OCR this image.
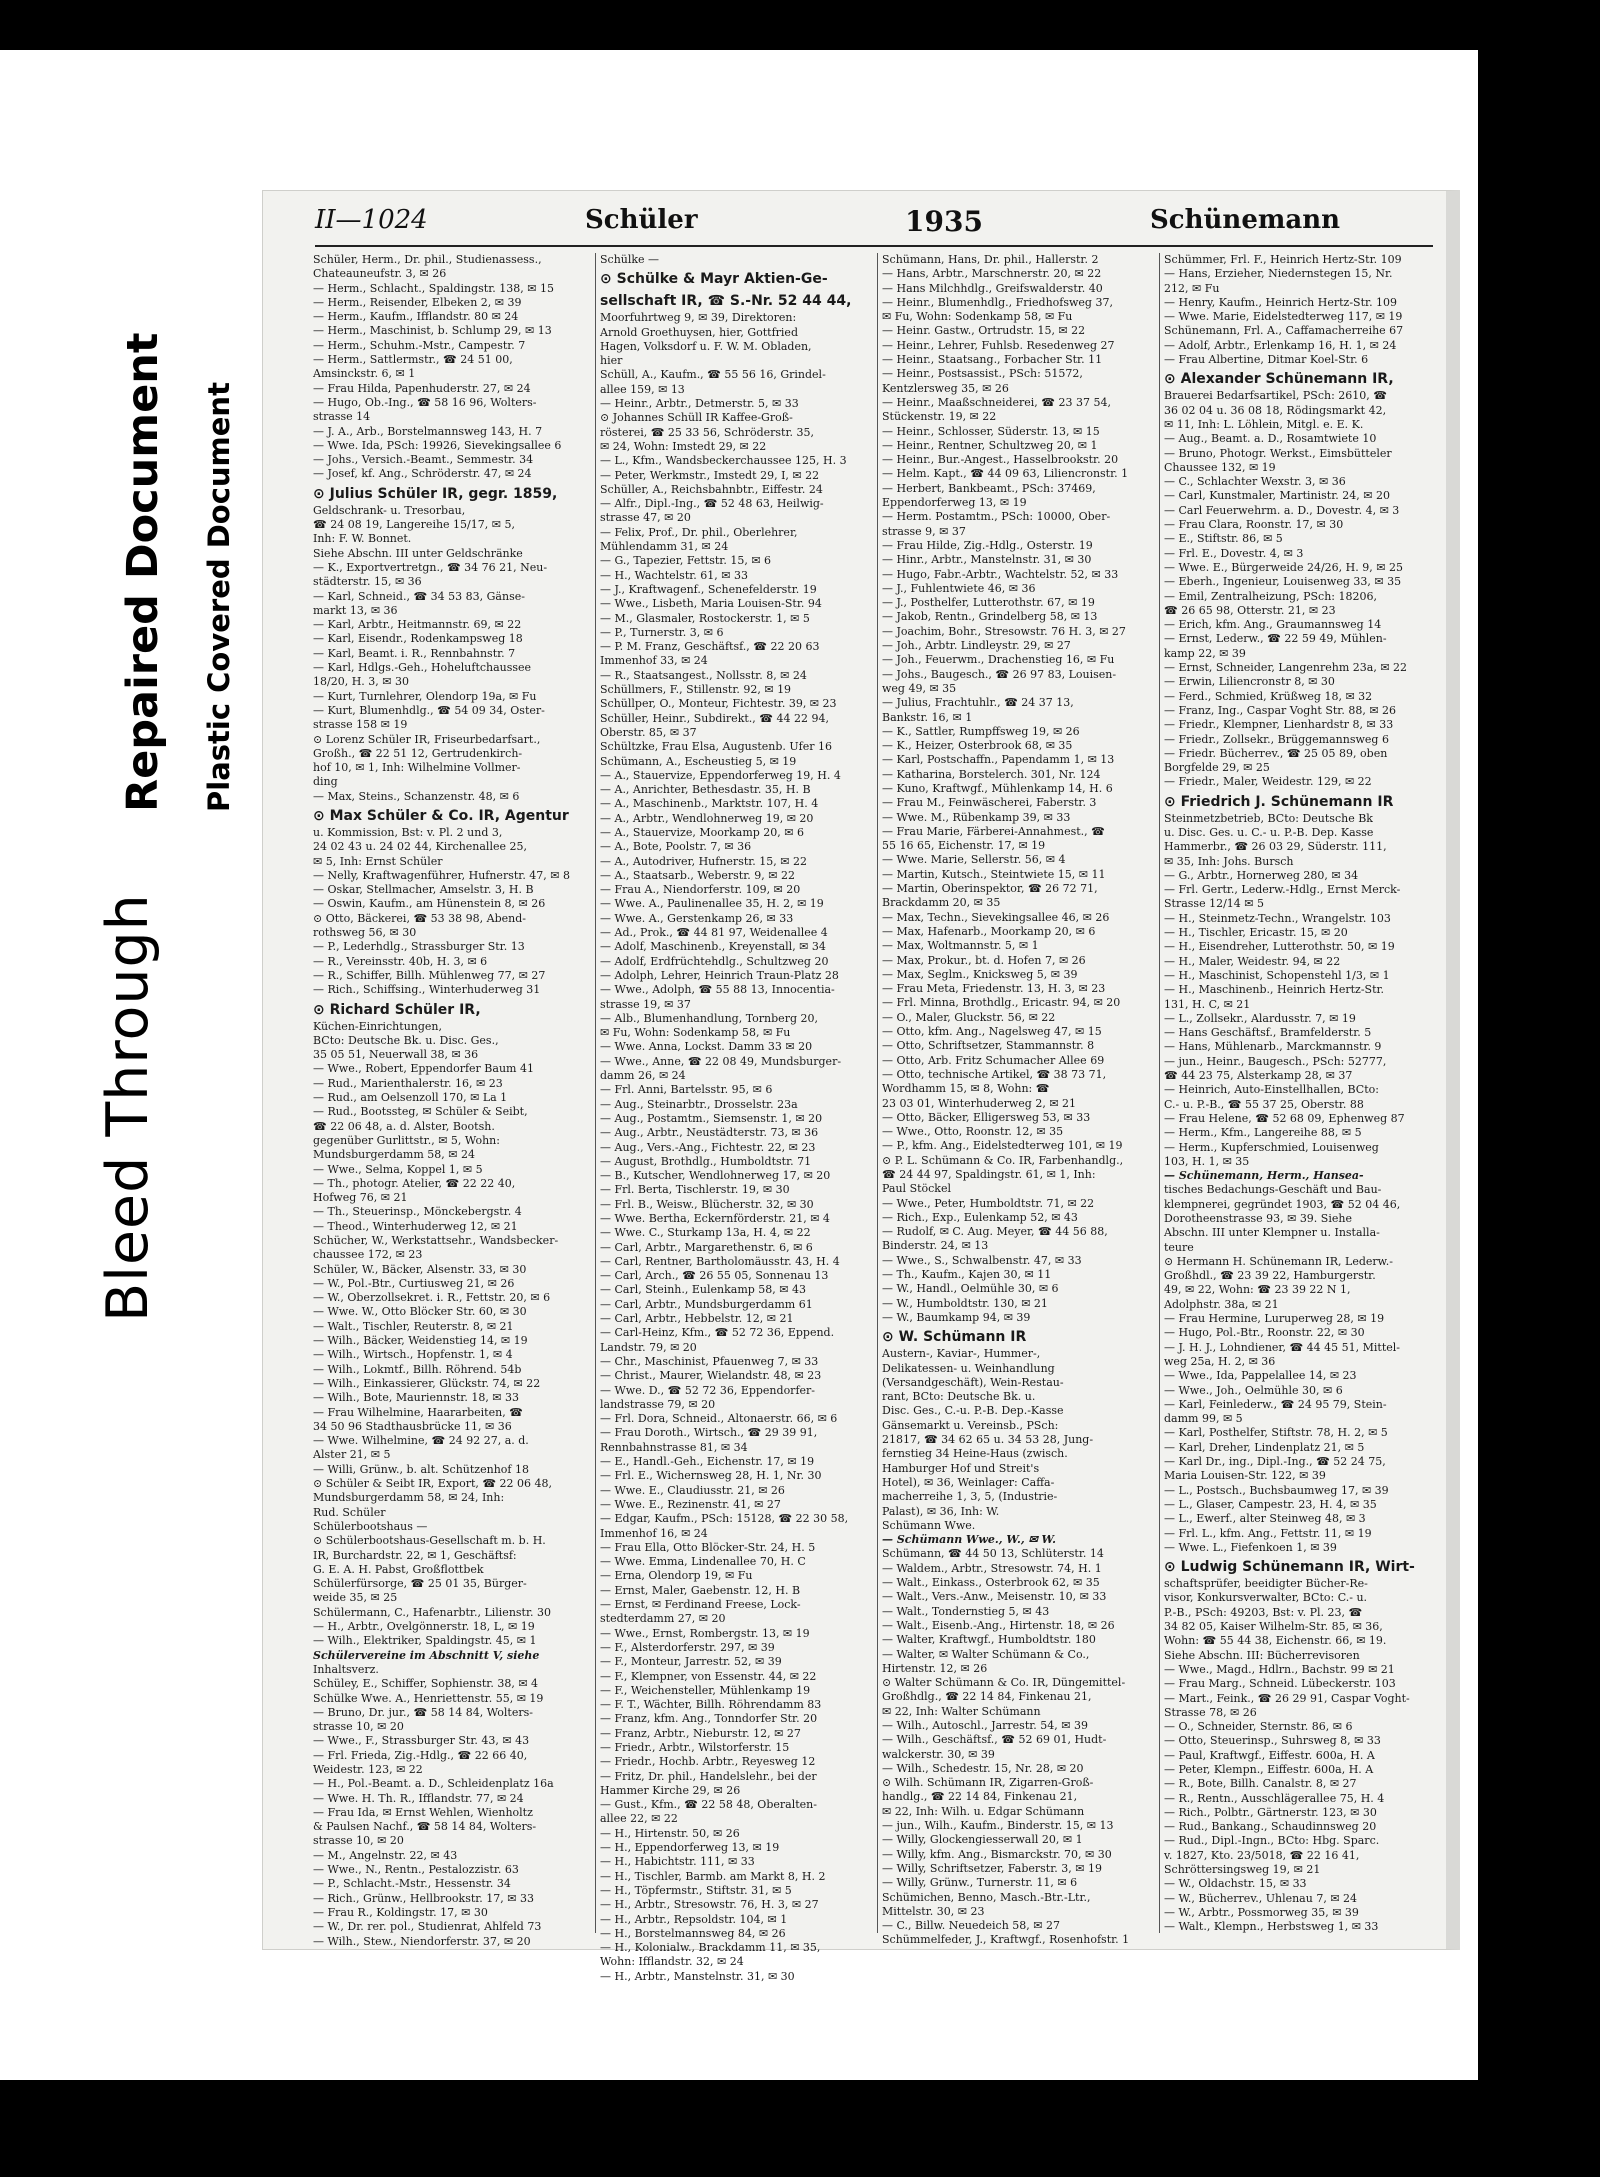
Bleed Through
Repaired Document Plastic Covered Document
II—1024	Schüler	1935	Schünemann
Schüler, Herm., Dr. phil., Studienassess.,
Chateauneufstr. 3, ✉ 26
— Herm., Schlacht., Spaldingstr. 138, ✉ 15
— Herm., Reisender, Elbeken 2, ✉ 39
— Herm., Kaufm., Ifflandstr. 80 ✉ 24
— Herm., Maschinist, b. Schlump 29, ✉ 13
— Herm., Schuhm.-Mstr., Campestr. 7
— Herm., Sattlermstr., ☎ 24 51 00,
Amsinckstr. 6, ✉ 1
— Frau Hilda, Papenhuderstr. 27, ✉ 24
— Hugo, Ob.-Ing., ☎ 58 16 96, Wolters-
strasse 14
— J. A., Arb., Borstelmannsweg 143, H. 7
— Wwe. Ida, PSch: 19926, Sievekingsallee 6
— Johs., Versich.-Beamt., Semmestr. 34
— Josef, kf. Ang., Schröderstr. 47, ✉ 24
⊙ Julius Schüler IR, gegr. 1859,
Geldschrank- u. Tresorbau,
☎ 24 08 19, Langereihe 15/17, ✉ 5,
Inh: F. W. Bonnet.
Siehe Abschn. III unter Geldschränke
— K., Exportvertretgn., ☎ 34 76 21, Neu-
städterstr. 15, ✉ 36
— Karl, Schneid., ☎ 34 53 83, Gänse-
markt 13, ✉ 36
— Karl, Arbtr., Heitmannstr. 69, ✉ 22
— Karl, Eisendr., Rodenkampsweg 18
— Karl, Beamt. i. R., Rennbahnstr. 7
— Karl, Hdlgs.-Geh., Hoheluftchaussee
18/20, H. 3, ✉ 30
— Kurt, Turnlehrer, Olendorp 19a, ✉ Fu
— Kurt, Blumenhdlg., ☎ 54 09 34, Oster-
strasse 158 ✉ 19
⊙ Lorenz Schüler IR, Friseurbedarfsart.,
Großh., ☎ 22 51 12, Gertrudenkirch-
hof 10, ✉ 1, Inh: Wilhelmine Vollmer-
ding
— Max, Steins., Schanzenstr. 48, ✉ 6
⊙ Max Schüler & Co. IR, Agentur
u. Kommission, Bst: v. Pl. 2 und 3,
24 02 43 u. 24 02 44, Kirchenallee 25,
✉ 5, Inh: Ernst Schüler
— Nelly, Kraftwagenführer, Hufnerstr. 47, ✉ 8
— Oskar, Stellmacher, Amselstr. 3, H. B
— Oswin, Kaufm., am Hünenstein 8, ✉ 26
⊙ Otto, Bäckerei, ☎ 53 38 98, Abend-
rothsweg 56, ✉ 30
— P., Lederhdlg., Strassburger Str. 13
— R., Vereinsstr. 40b, H. 3, ✉ 6
— R., Schiffer, Billh. Mühlenweg 77, ✉ 27
— Rich., Schiffsing., Winterhuderweg 31
⊙ Richard Schüler IR,
Küchen-Einrichtungen,
BCto: Deutsche Bk. u. Disc. Ges.,
35 05 51, Neuerwall 38, ✉ 36
— Wwe., Robert, Eppendorfer Baum 41
— Rud., Marienthalerstr. 16, ✉ 23
— Rud., am Oelsenzoll 170, ✉ La 1
— Rud., Bootssteg, ✉ Schüler & Seibt,
☎ 22 06 48, a. d. Alster, Bootsh.
gegenüber Gurlittstr., ✉ 5, Wohn:
Mundsburgerdamm 58, ✉ 24
— Wwe., Selma, Koppel 1, ✉ 5
— Th., photogr. Atelier, ☎ 22 22 40,
Hofweg 76, ✉ 21
— Th., Steuerinsp., Mönckebergstr. 4
— Theod., Winterhuderweg 12, ✉ 21
Schücher, W., Werkstattsehr., Wandsbecker-
chaussee 172, ✉ 23
Schüler, W., Bäcker, Alsenstr. 33, ✉ 30
— W., Pol.-Btr., Curtiusweg 21, ✉ 26
— W., Oberzollsekret. i. R., Fettstr. 20, ✉ 6
— Wwe. W., Otto Blöcker Str. 60, ✉ 30
— Walt., Tischler, Reuterstr. 8, ✉ 21
— Wilh., Bäcker, Weidenstieg 14, ✉ 19
— Wilh., Wirtsch., Hopfenstr. 1, ✉ 4
— Wilh., Lokmtf., Billh. Röhrend. 54b
— Wilh., Einkassierer, Glückstr. 74, ✉ 22
— Wilh., Bote, Mauriennstr. 18, ✉ 33
— Frau Wilhelmine, Haararbeiten, ☎
34 50 96 Stadthausbrücke 11, ✉ 36
— Wwe. Wilhelmine, ☎ 24 92 27, a. d.
Alster 21, ✉ 5
— Willi, Grünw., b. alt. Schützenhof 18
⊙ Schüler & Seibt IR, Export, ☎ 22 06 48,
Mundsburgerdamm 58, ✉ 24, Inh:
Rud. Schüler
Schülerbootshaus —
⊙ Schülerbootshaus-Gesellschaft m. b. H.
IR, Burchardstr. 22, ✉ 1, Geschäftsf:
G. E. A. H. Pabst, Großflottbek
Schülerfürsorge, ☎ 25 01 35, Bürger-
weide 35, ✉ 25
Schülermann, C., Hafenarbtr., Lilienstr. 30
— H., Arbtr., Ovelgönnerstr. 18, L, ✉ 19
— Wilh., Elektriker, Spaldingstr. 45, ✉ 1
Schülervereine im Abschnitt V, siehe
Inhaltsverz.
Schüley, E., Schiffer, Sophienstr. 38, ✉ 4
Schülke Wwe. A., Henriettenstr. 55, ✉ 19
— Bruno, Dr. jur., ☎ 58 14 84, Wolters-
strasse 10, ✉ 20
— Wwe., F., Strassburger Str. 43, ✉ 43
— Frl. Frieda, Zig.-Hdlg., ☎ 22 66 40,
Weidestr. 123, ✉ 22
— H., Pol.-Beamt. a. D., Schleidenplatz 16a
— Wwe. H. Th. R., Ifflandstr. 77, ✉ 24
— Frau Ida, ✉ Ernst Wehlen, Wienholtz
& Paulsen Nachf., ☎ 58 14 84, Wolters-
strasse 10, ✉ 20
— M., Angelnstr. 22, ✉ 43
— Wwe., N., Rentn., Pestalozzistr. 63
— P., Schlacht.-Mstr., Hessenstr. 34
— Rich., Grünw., Hellbrookstr. 17, ✉ 33
— Frau R., Koldingstr. 17, ✉ 30
— W., Dr. rer. pol., Studienrat, Ahlfeld 73
— Wilh., Stew., Niendorferstr. 37, ✉ 20
Schülke —
⊙ Schülke & Mayr Aktien-Ge-
sellschaft IR, ☎ S.-Nr. 52 44 44,
Moorfuhrtweg 9, ✉ 39, Direktoren:
Arnold Groethuysen, hier, Gottfried
Hagen, Volksdorf u. F. W. M. Obladen,
hier
Schüll, A., Kaufm., ☎ 55 56 16, Grindel-
allee 159, ✉ 13
— Heinr., Arbtr., Detmerstr. 5, ✉ 33
⊙ Johannes Schüll IR Kaffee-Groß-
rösterei, ☎ 25 33 56, Schröderstr. 35,
✉ 24, Wohn: Imstedt 29, ✉ 22
— L., Kfm., Wandsbeckerchaussee 125, H. 3
— Peter, Werkmstr., Imstedt 29, I, ✉ 22
Schüller, A., Reichsbahnbtr., Eiffestr. 24
— Alfr., Dipl.-Ing., ☎ 52 48 63, Heilwig-
strasse 47, ✉ 20
— Felix, Prof., Dr. phil., Oberlehrer,
Mühlendamm 31, ✉ 24
— G., Tapezier, Fettstr. 15, ✉ 6
— H., Wachtelstr. 61, ✉ 33
— J., Kraftwagenf., Schenefelderstr. 19
— Wwe., Lisbeth, Maria Louisen-Str. 94
— M., Glasmaler, Rostockerstr. 1, ✉ 5
— P., Turnerstr. 3, ✉ 6
— P. M. Franz, Geschäftsf., ☎ 22 20 63
Immenhof 33, ✉ 24
— R., Staatsangest., Nollsstr. 8, ✉ 24
Schüllmers, F., Stillenstr. 92, ✉ 19
Schüllper, O., Monteur, Fichtestr. 39, ✉ 23
Schüller, Heinr., Subdirekt., ☎ 44 22 94,
Oberstr. 85, ✉ 37
Schültzke, Frau Elsa, Augustenb. Ufer 16
Schümann, A., Escheustieg 5, ✉ 19
— A., Stauervize, Eppendorferweg 19, H. 4
— A., Anrichter, Bethesdastr. 35, H. B
— A., Maschinenb., Marktstr. 107, H. 4
— A., Arbtr., Wendlohnerweg 19, ✉ 20
— A., Stauervize, Moorkamp 20, ✉ 6
— A., Bote, Poolstr. 7, ✉ 36
— A., Autodriver, Hufnerstr. 15, ✉ 22
— A., Staatsarb., Weberstr. 9, ✉ 22
— Frau A., Niendorferstr. 109, ✉ 20
— Wwe. A., Paulinenallee 35, H. 2, ✉ 19
— Wwe. A., Gerstenkamp 26, ✉ 33
— Ad., Prok., ☎ 44 81 97, Weidenallee 4
— Adolf, Maschinenb., Kreyenstall, ✉ 34
— Adolf, Erdfrüchtehdlg., Schultzweg 20
— Adolph, Lehrer, Heinrich Traun-Platz 28
— Wwe., Adolph, ☎ 55 88 13, Innocentia-
strasse 19, ✉ 37
— Alb., Blumenhandlung, Tornberg 20,
✉ Fu, Wohn: Sodenkamp 58, ✉ Fu
— Wwe. Anna, Lockst. Damm 33 ✉ 20
— Wwe., Anne, ☎ 22 08 49, Mundsburger-
damm 26, ✉ 24
— Frl. Anni, Bartelsstr. 95, ✉ 6
— Aug., Steinarbtr., Drosselstr. 23a
— Aug., Postamtm., Siemsenstr. 1, ✉ 20
— Aug., Arbtr., Neustädterstr. 73, ✉ 36
— Aug., Vers.-Ang., Fichtestr. 22, ✉ 23
— August, Brothdlg., Humboldtstr. 71
— B., Kutscher, Wendlohnerweg 17, ✉ 20
— Frl. Berta, Tischlerstr. 19, ✉ 30
— Frl. B., Weisw., Blücherstr. 32, ✉ 30
— Wwe. Bertha, Eckernförderstr. 21, ✉ 4
— Wwe. C., Sturkamp 13a, H. 4, ✉ 22
— Carl, Arbtr., Margarethenstr. 6, ✉ 6
— Carl, Rentner, Bartholomäusstr. 43, H. 4
— Carl, Arch., ☎ 26 55 05, Sonnenau 13
— Carl, Steinh., Eulenkamp 58, ✉ 43
— Carl, Arbtr., Mundsburgerdamm 61
— Carl, Arbtr., Hebbelstr. 12, ✉ 21
— Carl-Heinz, Kfm., ☎ 52 72 36, Eppend.
Landstr. 79, ✉ 20
— Chr., Maschinist, Pfauenweg 7, ✉ 33
— Christ., Maurer, Wielandstr. 48, ✉ 23
— Wwe. D., ☎ 52 72 36, Eppendorfer-
landstrasse 79, ✉ 20
— Frl. Dora, Schneid., Altonaerstr. 66, ✉ 6
— Frau Doroth., Wirtsch., ☎ 29 39 91,
Rennbahnstrasse 81, ✉ 34
— E., Handl.-Geh., Eichenstr. 17, ✉ 19
— Frl. E., Wichernsweg 28, H. 1, Nr. 30
— Wwe. E., Claudiusstr. 21, ✉ 26
— Wwe. E., Rezinenstr. 41, ✉ 27
— Edgar, Kaufm., PSch: 15128, ☎ 22 30 58,
Immenhof 16, ✉ 24
— Frau Ella, Otto Blöcker-Str. 24, H. 5
— Wwe. Emma, Lindenallee 70, H. C
— Erna, Olendorp 19, ✉ Fu
— Ernst, Maler, Gaebenstr. 12, H. B
— Ernst, ✉ Ferdinand Freese, Lock-
stedterdamm 27, ✉ 20
— Wwe., Ernst, Rombergstr. 13, ✉ 19
— F., Alsterdorferstr. 297, ✉ 39
— F., Monteur, Jarrestr. 52, ✉ 39
— F., Klempner, von Essenstr. 44, ✉ 22
— F., Weichensteller, Mühlenkamp 19
— F. T., Wächter, Billh. Röhrendamm 83
— Franz, kfm. Ang., Tonndorfer Str. 20
— Franz, Arbtr., Nieburstr. 12, ✉ 27
— Friedr., Arbtr., Wilstorferstr. 15
— Friedr., Hochb. Arbtr., Reyesweg 12
— Fritz, Dr. phil., Handelslehr., bei der
Hammer Kirche 29, ✉ 26
— Gust., Kfm., ☎ 22 58 48, Oberalten-
allee 22, ✉ 22
— H., Hirtenstr. 50, ✉ 26
— H., Eppendorferweg 13, ✉ 19
— H., Habichtstr. 111, ✉ 33
— H., Tischler, Barmb. am Markt 8, H. 2
— H., Töpfermstr., Stiftstr. 31, ✉ 5
— H., Arbtr., Stresowstr. 76, H. 3, ✉ 27
— H., Arbtr., Repsoldstr. 104, ✉ 1
— H., Borstelmannsweg 84, ✉ 26
— H., Kolonialw., Brackdamm 11, ✉ 35,
Wohn: Ifflandstr. 32, ✉ 24
— H., Arbtr., Manstelnstr. 31, ✉ 30
Schümann, Hans, Dr. phil., Hallerstr. 2
— Hans, Arbtr., Marschnerstr. 20, ✉ 22
— Hans Milchhdlg., Greifswalderstr. 40
— Heinr., Blumenhdlg., Friedhofsweg 37,
✉ Fu, Wohn: Sodenkamp 58, ✉ Fu
— Heinr. Gastw., Ortrudstr. 15, ✉ 22
— Heinr., Lehrer, Fuhlsb. Resedenweg 27
— Heinr., Staatsang., Forbacher Str. 11
— Heinr., Postsassist., PSch: 51572,
Kentzlersweg 35, ✉ 26
— Heinr., Maaßschneiderei, ☎ 23 37 54,
Stückenstr. 19, ✉ 22
— Heinr., Schlosser, Süderstr. 13, ✉ 15
— Heinr., Rentner, Schultzweg 20, ✉ 1
— Heinr., Bur.-Angest., Hasselbrookstr. 20
— Helm. Kapt., ☎ 44 09 63, Liliencronstr. 1
— Herbert, Bankbeamt., PSch: 37469,
Eppendorferweg 13, ✉ 19
— Herm. Postamtm., PSch: 10000, Ober-
strasse 9, ✉ 37
— Frau Hilde, Zig.-Hdlg., Osterstr. 19
— Hinr., Arbtr., Manstelnstr. 31, ✉ 30
— Hugo, Fabr.-Arbtr., Wachtelstr. 52, ✉ 33
— J., Fuhlentwiete 46, ✉ 36
— J., Posthelfer, Lutterothstr. 67, ✉ 19
— Jakob, Rentn., Grindelberg 58, ✉ 13
— Joachim, Bohr., Stresowstr. 76 H. 3, ✉ 27
— Joh., Arbtr. Lindleystr. 29, ✉ 27
— Joh., Feuerwm., Drachenstieg 16, ✉ Fu
— Johs., Baugesch., ☎ 26 97 83, Louisen-
weg 49, ✉ 35
— Julius, Frachtuhlr., ☎ 24 37 13,
Bankstr. 16, ✉ 1
— K., Sattler, Rumpffsweg 19, ✉ 26
— K., Heizer, Osterbrook 68, ✉ 35
— Karl, Postschaffn., Papendamm 1, ✉ 13
— Katharina, Borstelerch. 301, Nr. 124
— Kuno, Kraftwgf., Mühlenkamp 14, H. 6
— Frau M., Feinwäscherei, Faberstr. 3
— Wwe. M., Rübenkamp 39, ✉ 33
— Frau Marie, Färberei-Annahmest., ☎
55 16 65, Eichenstr. 17, ✉ 19
— Wwe. Marie, Sellerstr. 56, ✉ 4
— Martin, Kutsch., Steintwiete 15, ✉ 11
— Martin, Oberinspektor, ☎ 26 72 71,
Brackdamm 20, ✉ 35
— Max, Techn., Sievekingsallee 46, ✉ 26
— Max, Hafenarb., Moorkamp 20, ✉ 6
— Max, Woltmannstr. 5, ✉ 1
— Max, Prokur., bt. d. Hofen 7, ✉ 26
— Max, Seglm., Knicksweg 5, ✉ 39
— Frau Meta, Friedenstr. 13, H. 3, ✉ 23
— Frl. Minna, Brothdlg., Ericastr. 94, ✉ 20
— O., Maler, Gluckstr. 56, ✉ 22
— Otto, kfm. Ang., Nagelsweg 47, ✉ 15
— Otto, Schriftsetzer, Stammannstr. 8
— Otto, Arb. Fritz Schumacher Allee 69
— Otto, technische Artikel, ☎ 38 73 71,
Wordhamm 15, ✉ 8, Wohn: ☎
23 03 01, Winterhuderweg 2, ✉ 21
— Otto, Bäcker, Elligersweg 53, ✉ 33
— Wwe., Otto, Roonstr. 12, ✉ 35
— P., kfm. Ang., Eidelstedterweg 101, ✉ 19
⊙ P. L. Schümann & Co. IR, Farbenhandlg.,
☎ 24 44 97, Spaldingstr. 61, ✉ 1, Inh:
Paul Stöckel
— Wwe., Peter, Humboldtstr. 71, ✉ 22
— Rich., Exp., Eulenkamp 52, ✉ 43
— Rudolf, ✉ C. Aug. Meyer, ☎ 44 56 88,
Binderstr. 24, ✉ 13
— Wwe., S., Schwalbenstr. 47, ✉ 33
— Th., Kaufm., Kajen 30, ✉ 11
— W., Handl., Oelmühle 30, ✉ 6
— W., Humboldtstr. 130, ✉ 21
— W., Baumkamp 94, ✉ 39
⊙ W. Schümann IR
Austern-, Kaviar-, Hummer-,
Delikatessen- u. Weinhandlung
(Versandgeschäft), Wein-Restau-
rant, BCto: Deutsche Bk. u.
Disc. Ges., C.-u. P.-B. Dep.-Kasse
Gänsemarkt u. Vereinsb., PSch:
21817, ☎ 34 62 65 u. 34 53 28, Jung-
fernstieg 34 Heine-Haus (zwisch.
Hamburger Hof und Streit's
Hotel), ✉ 36, Weinlager: Caffa-
macherreihe 1, 3, 5, (Industrie-
Palast), ✉ 36, Inh: W.
Schümann Wwe.
— Schümann Wwe., W., ✉ W.
Schümann, ☎ 44 50 13, Schlüterstr. 14
— Waldem., Arbtr., Stresowstr. 74, H. 1
— Walt., Einkass., Osterbrook 62, ✉ 35
— Walt., Vers.-Anw., Meisenstr. 10, ✉ 33
— Walt., Tondernstieg 5, ✉ 43
— Walt., Eisenb.-Ang., Hirtenstr. 18, ✉ 26
— Walter, Kraftwgf., Humboldtstr. 180
— Walter, ✉ Walter Schümann & Co.,
Hirtenstr. 12, ✉ 26
⊙ Walter Schümann & Co. IR, Düngemittel-
Großhdlg., ☎ 22 14 84, Finkenau 21,
✉ 22, Inh: Walter Schümann
— Wilh., Autoschl., Jarrestr. 54, ✉ 39
— Wilh., Geschäftsf., ☎ 52 69 01, Hudt-
walckerstr. 30, ✉ 39
— Wilh., Schedestr. 15, Nr. 28, ✉ 20
⊙ Wilh. Schümann IR, Zigarren-Groß-
handlg., ☎ 22 14 84, Finkenau 21,
✉ 22, Inh: Wilh. u. Edgar Schümann
— jun., Wilh., Kaufm., Binderstr. 15, ✉ 13
— Willy, Glockengiesserwall 20, ✉ 1
— Willy, kfm. Ang., Bismarckstr. 70, ✉ 30
— Willy, Schriftsetzer, Faberstr. 3, ✉ 19
— Willy, Grünw., Turnerstr. 11, ✉ 6
Schümichen, Benno, Masch.-Btr.-Ltr.,
Mittelstr. 30, ✉ 23
— C., Billw. Neuedeich 58, ✉ 27
Schümmelfeder, J., Kraftwgf., Rosenhofstr. 1
Schümmer, Frl. F., Heinrich Hertz-Str. 109
— Hans, Erzieher, Niedernstegen 15, Nr.
212, ✉ Fu
— Henry, Kaufm., Heinrich Hertz-Str. 109
— Wwe. Marie, Eidelstedterweg 117, ✉ 19
Schünemann, Frl. A., Caffamacherreihe 67
— Adolf, Arbtr., Erlenkamp 16, H. 1, ✉ 24
— Frau Albertine, Ditmar Koel-Str. 6
⊙ Alexander Schünemann IR,
Brauerei Bedarfsartikel, PSch: 2610, ☎
36 02 04 u. 36 08 18, Rödingsmarkt 42,
✉ 11, Inh: L. Löhlein, Mitgl. e. E. K.
— Aug., Beamt. a. D., Rosamtwiete 10
— Bruno, Photogr. Werkst., Eimsbütteler
Chaussee 132, ✉ 19
— C., Schlachter Wexstr. 3, ✉ 36
— Carl, Kunstmaler, Martinistr. 24, ✉ 20
— Carl Feuerwehrm. a. D., Dovestr. 4, ✉ 3
— Frau Clara, Roonstr. 17, ✉ 30
— E., Stiftstr. 86, ✉ 5
— Frl. E., Dovestr. 4, ✉ 3
— Wwe. E., Bürgerweide 24/26, H. 9, ✉ 25
— Eberh., Ingenieur, Louisenweg 33, ✉ 35
— Emil, Zentralheizung, PSch: 18206,
☎ 26 65 98, Otterstr. 21, ✉ 23
— Erich, kfm. Ang., Graumannsweg 14
— Ernst, Lederw., ☎ 22 59 49, Mühlen-
kamp 22, ✉ 39
— Ernst, Schneider, Langenrehm 23a, ✉ 22
— Erwin, Liliencronstr 8, ✉ 30
— Ferd., Schmied, Krüßweg 18, ✉ 32
— Franz, Ing., Caspar Voght Str. 88, ✉ 26
— Friedr., Klempner, Lienhardstr 8, ✉ 33
— Friedr., Zollsekr., Brüggemannsweg 6
— Friedr. Bücherrev., ☎ 25 05 89, oben
Borgfelde 29, ✉ 25
— Friedr., Maler, Weidestr. 129, ✉ 22
⊙ Friedrich J. Schünemann IR
Steinmetzbetrieb, BCto: Deutsche Bk
u. Disc. Ges. u. C.- u. P.-B. Dep. Kasse
Hammerbr., ☎ 26 03 29, Süderstr. 111,
✉ 35, Inh: Johs. Bursch
— G., Arbtr., Hornerweg 280, ✉ 34
— Frl. Gertr., Lederw.-Hdlg., Ernst Merck-
Strasse 12/14 ✉ 5
— H., Steinmetz-Techn., Wrangelstr. 103
— H., Tischler, Ericastr. 15, ✉ 20
— H., Eisendreher, Lutterothstr. 50, ✉ 19
— H., Maler, Weidestr. 94, ✉ 22
— H., Maschinist, Schopenstehl 1/3, ✉ 1
— H., Maschinenb., Heinrich Hertz-Str.
131, H. C, ✉ 21
— L., Zollsekr., Alardusstr. 7, ✉ 19
— Hans Geschäftsf., Bramfelderstr. 5
— Hans, Mühlenarb., Marckmannstr. 9
— jun., Heinr., Baugesch., PSch: 52777,
☎ 44 23 75, Alsterkamp 28, ✉ 37
— Heinrich, Auto-Einstellhallen, BCto:
C.- u. P.-B., ☎ 55 37 25, Oberstr. 88
— Frau Helene, ☎ 52 68 09, Ephenweg 87
— Herm., Kfm., Langereihe 88, ✉ 5
— Herm., Kupferschmied, Louisenweg
103, H. 1, ✉ 35
— Schünemann, Herm., Hansea-
tisches Bedachungs-Geschäft und Bau-
klempnerei, gegründet 1903, ☎ 52 04 46,
Dorotheenstrasse 93, ✉ 39. Siehe
Abschn. III unter Klempner u. Installa-
teure
⊙ Hermann H. Schünemann IR, Lederw.-
Großhdl., ☎ 23 39 22, Hamburgerstr.
49, ✉ 22, Wohn: ☎ 23 39 22 N 1,
Adolphstr. 38a, ✉ 21
— Frau Hermine, Luruperweg 28, ✉ 19
— Hugo, Pol.-Btr., Roonstr. 22, ✉ 30
— J. H. J., Lohndiener, ☎ 44 45 51, Mittel-
weg 25a, H. 2, ✉ 36
— Wwe., Ida, Pappelallee 14, ✉ 23
— Wwe., Joh., Oelmühle 30, ✉ 6
— Karl, Feinlederw., ☎ 24 95 79, Stein-
damm 99, ✉ 5
— Karl, Posthelfer, Stiftstr. 78, H. 2, ✉ 5
— Karl, Dreher, Lindenplatz 21, ✉ 5
— Karl Dr., ing., Dipl.-Ing., ☎ 52 24 75,
Maria Louisen-Str. 122, ✉ 39
— L., Postsch., Buchsbaumweg 17, ✉ 39
— L., Glaser, Campestr. 23, H. 4, ✉ 35
— L., Ewerf., alter Steinweg 48, ✉ 3
— Frl. L., kfm. Ang., Fettstr. 11, ✉ 19
— Wwe. L., Fiefenkoen 1, ✉ 39
⊙ Ludwig Schünemann IR, Wirt-
schaftsprüfer, beeidigter Bücher-Re-
visor, Konkursverwalter, BCto: C.- u.
P.-B., PSch: 49203, Bst: v. Pl. 23, ☎
34 82 05, Kaiser Wilhelm-Str. 85, ✉ 36,
Wohn: ☎ 55 44 38, Eichenstr. 66, ✉ 19.
Siehe Abschn. III: Bücherrevisoren
— Wwe., Magd., Hdlrn., Bachstr. 99 ✉ 21
— Frau Marg., Schneid. Lübeckerstr. 103
— Mart., Feink., ☎ 26 29 91, Caspar Voght-
Strasse 78, ✉ 26
— O., Schneider, Sternstr. 86, ✉ 6
— Otto, Steuerinsp., Suhrsweg 8, ✉ 33
— Paul, Kraftwgf., Eiffestr. 600a, H. A
— Peter, Klempn., Eiffestr. 600a, H. A
— R., Bote, Billh. Canalstr. 8, ✉ 27
— R., Rentn., Ausschlägerallee 75, H. 4
— Rich., Polbtr., Gärtnerstr. 123, ✉ 30
— Rud., Bankang., Schaudinnsweg 20
— Rud., Dipl.-Ingn., BCto: Hbg. Sparc.
v. 1827, Kto. 23/5018, ☎ 22 16 41,
Schröttersingsweg 19, ✉ 21
— W., Oldachstr. 15, ✉ 33
— W., Bücherrev., Uhlenau 7, ✉ 24
— W., Arbtr., Possmorweg 35, ✉ 39
— Walt., Klempn., Herbstsweg 1, ✉ 33
